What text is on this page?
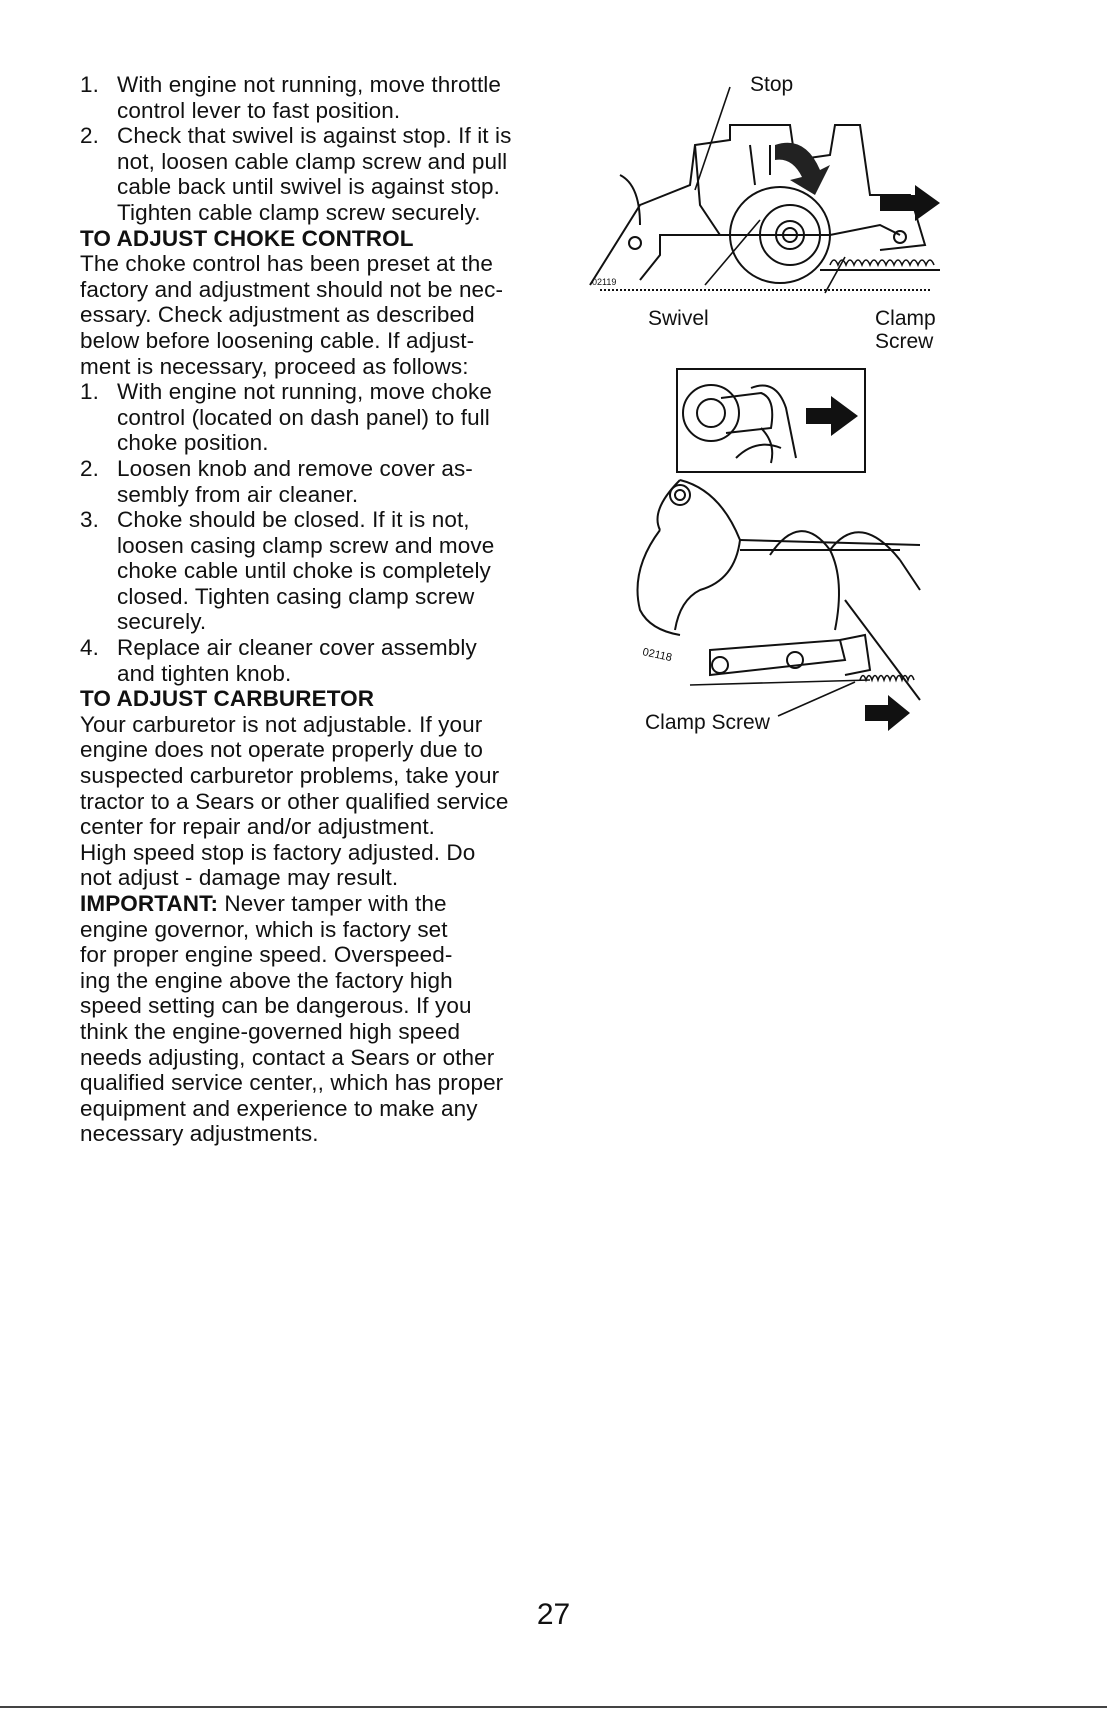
1. With engine not running, move throttle
control lever to fast position.
2. Check that swivel is against stop. If it is
not, loosen cable clamp screw and pull
cable back until swivel is against stop.
Tighten cable clamp screw securely.
TO ADJUST CHOKE CONTROL
The choke control has been preset at the
factory and adjustment should not be nec-
essary. Check adjustment as described
below before loosening cable. If adjust-
ment is necessary, proceed as follows:
1. With engine not running, move choke
control (located on dash panel) to full
choke position.
2. Loosen knob and remove cover as-
sembly from air cleaner.
3. Choke should be closed. If it is not,
loosen casing clamp screw and move
choke cable until choke is completely
closed. Tighten casing clamp screw
securely.
4. Replace air cleaner cover assembly
and tighten knob.
TO ADJUST CARBURETOR
Your carburetor is not adjustable. If your
engine does not operate properly due to
suspected carburetor problems, take your
tractor to a Sears or other qualified service
center for repair and/or adjustment.
High speed stop is factory adjusted. Do
not adjust - damage may result.
IMPORTANT: Never tamper with the
engine governor, which is factory set
for proper engine speed. Overspeed-
ing the engine above the factory high
speed setting can be dangerous. If you
think the engine-governed high speed
needs adjusting, contact a Sears or other
qualified service center,, which has proper
equipment and experience to make any
necessary adjustments.
02119
Stop
Swivel	Clamp
Screw
02118
Clamp Screw
27
